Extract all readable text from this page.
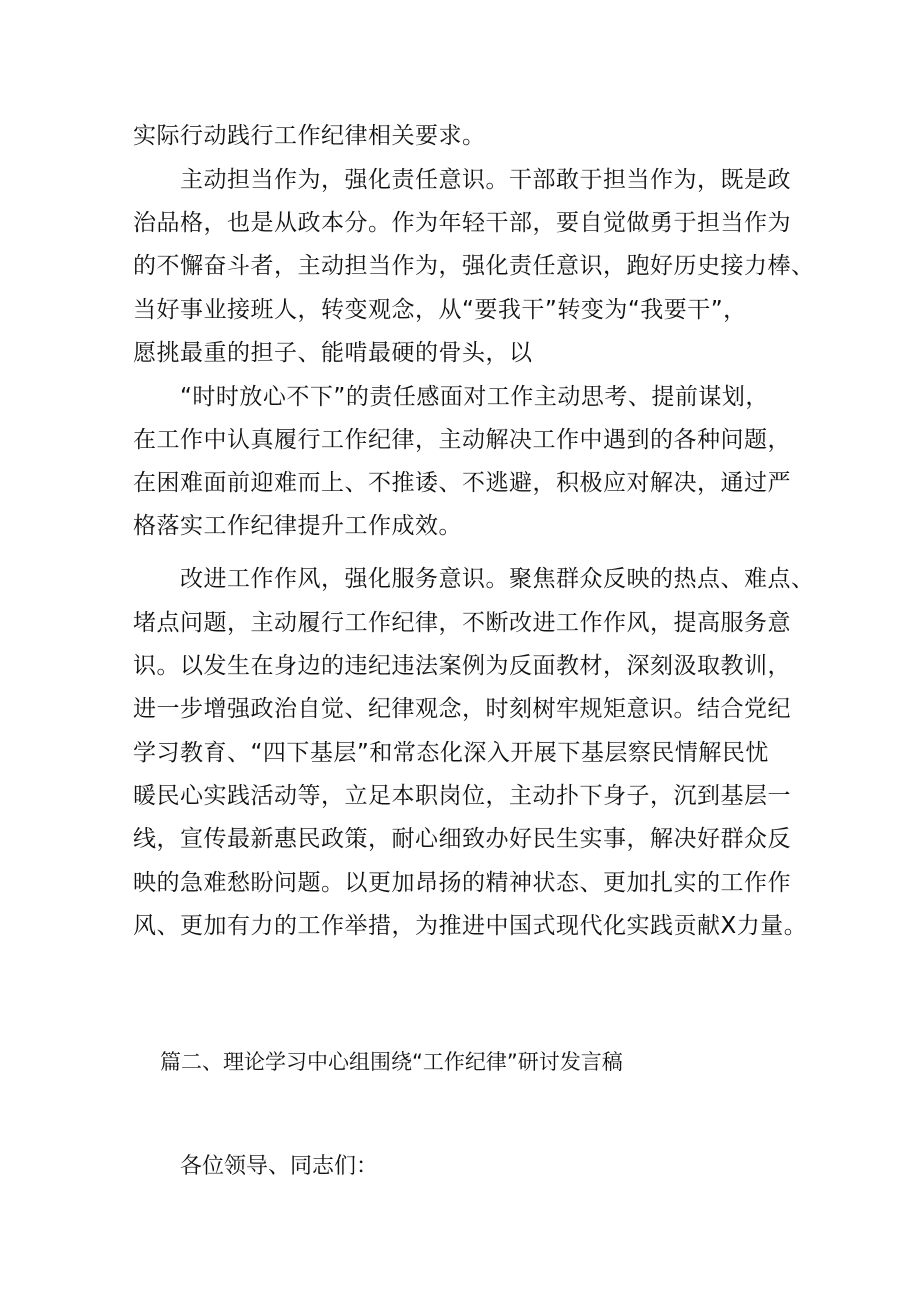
实际行动践行工作纪律相关要求。
主动担当作为，强化责任意识。干部敢于担当作为，既是政
治品格，也是从政本分。作为年轻干部，要自觉做勇于担当作为
的不懈奋斗者，主动担当作为，强化责任意识，跑好历史接力棒、
当好事业接班人，转变观念，从“要我干”转变为“我要干”，
愿挑最重的担子、能啃最硬的骨头，以
“时时放心不下”的责任感面对工作主动思考、提前谋划，
在工作中认真履行工作纪律，主动解决工作中遇到的各种问题，
在困难面前迎难而上、不推诿、不逃避，积极应对解决，通过严
格落实工作纪律提升工作成效。
改进工作作风，强化服务意识。聚焦群众反映的热点、难点、
堵点问题，主动履行工作纪律，不断改进工作作风，提高服务意
识。以发生在身边的违纪违法案例为反面教材，深刻汲取教训，
进一步增强政治自觉、纪律观念，时刻树牢规矩意识。结合党纪
学习教育、“四下基层”和常态化深入开展下基层察民情解民忧
暖民心实践活动等，立足本职岗位，主动扑下身子，沉到基层一
线，宣传最新惠民政策，耐心细致办好民生实事，解决好群众反
映的急难愁盼问题。以更加昂扬的精神状态、更加扎实的工作作
风、更加有力的工作举措，为推进中国式现代化实践贡献X力量。
篇二、理论学习中心组围绕“工作纪律”研讨发言稿
各位领导、同志们：
